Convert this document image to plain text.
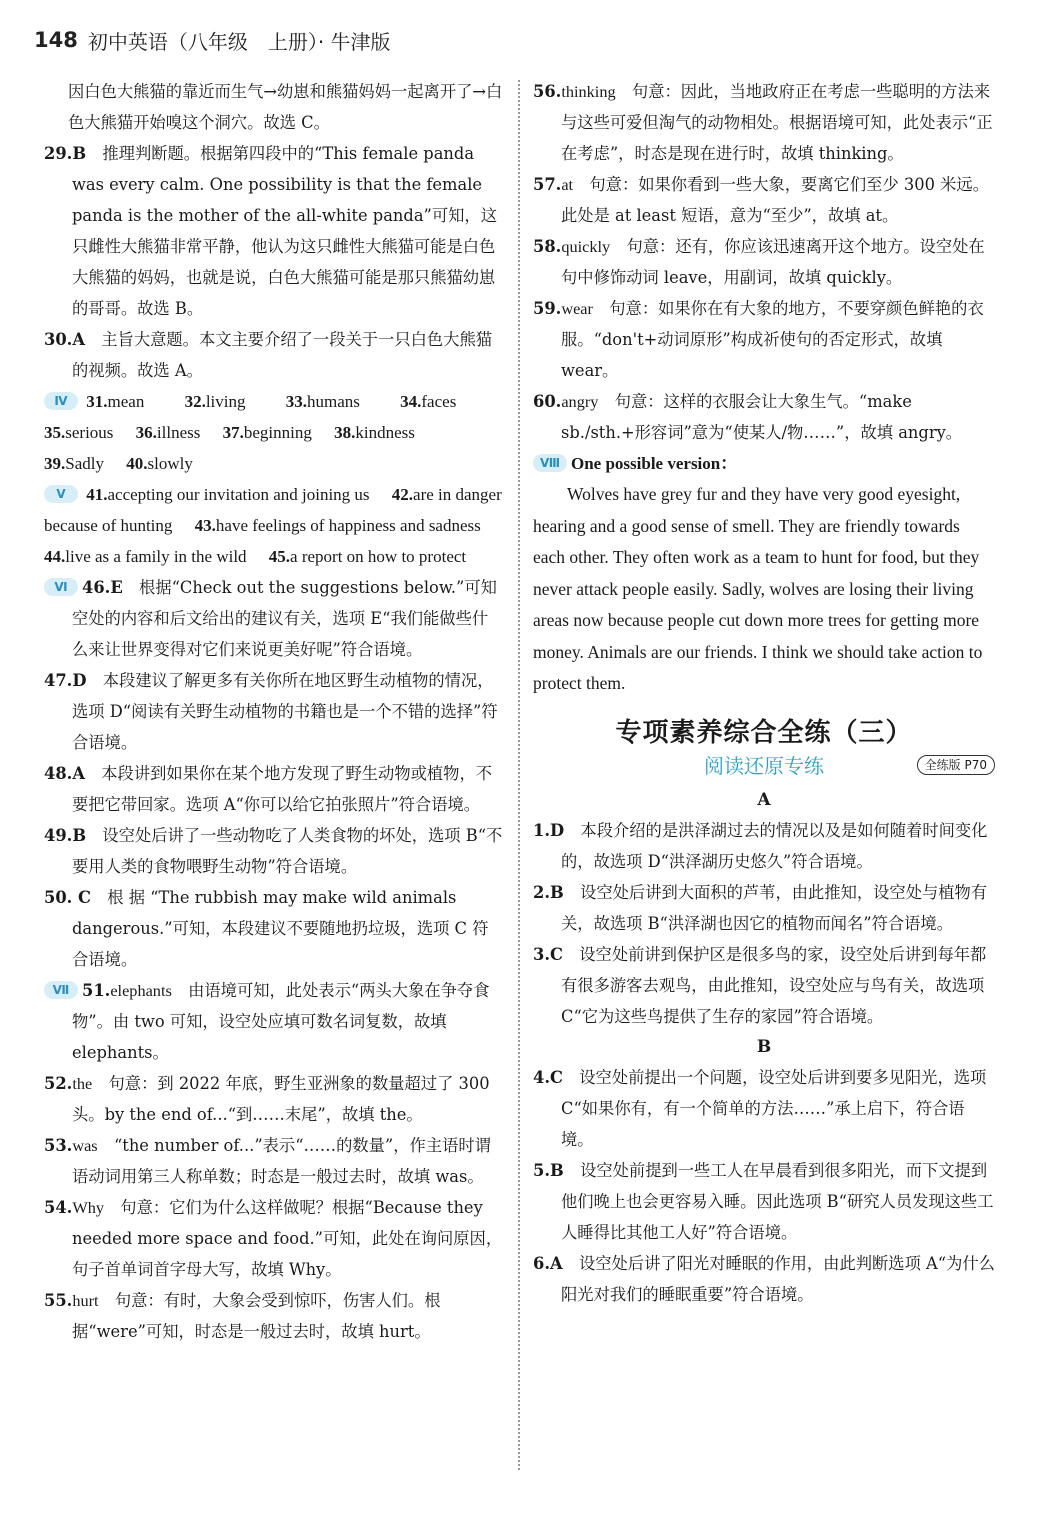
148 初中英语（八年级　上册）· 牛津版

因白色大熊猫的靠近而生气→幼崽和熊猫妈妈一起离开了→白色大熊猫开始嗅这个洞穴。故选 C。

29.B　 推理判断题。根据第四段中的“This female panda was every calm. One possibility is that the female panda is the mother of the all-white panda”可知，这只雌性大熊猫非常平静，他认为这只雌性大熊猫可能是白色大熊猫的妈妈，也就是说，白色大熊猫可能是那只熊猫幼崽的哥哥。故选 B。

30.A　 主旨大意题。本文主要介绍了一段关于一只白色大熊猫的视频。故选 A。

Ⅳ 31.mean 32.living 33.humans 34.faces
35.serious 36.illness 37.beginning 38.kindness
39.Sadly 40.slowly
Ⅴ 41.accepting our invitation and joining us 42.are in danger because of hunting 43.have feelings of happiness and sadness 44.live as a family in the wild 45.a report on how to protect

Ⅵ 46.E　 根据“Check out the suggestions below.”可知空处的内容和后文给出的建议有关，选项 E“我们能做些什么来让世界变得对它们来说更美好呢”符合语境。

47.D　 本段建议了解更多有关你所在地区野生动植物的情况，选项 D“阅读有关野生动植物的书籍也是一个不错的选择”符合语境。

48.A　 本段讲到如果你在某个地方发现了野生动物或植物，不要把它带回家。选项 A“你可以给它拍张照片”符合语境。

49.B　 设空处后讲了一些动物吃了人类食物的坏处，选项 B“不要用人类的食物喂野生动物”符合语境。

50. C　 根 据 “The rubbish may make wild animals dangerous.”可知，本段建议不要随地扔垃圾，选项 C 符合语境。

Ⅶ 51.elephants　 由语境可知，此处表示“两头大象在争夺食物”。由 two 可知，设空处应填可数名词复数，故填 elephants。

52.the　 句意：到 2022 年底，野生亚洲象的数量超过了 300 头。by the end of...“到……末尾”，故填 the。

53.was　 “the number of...”表示“……的数量”，作主语时谓语动词用第三人称单数；时态是一般过去时，故填 was。

54.Why　 句意：它们为什么这样做呢？根据“Because they needed more space and food.”可知，此处在询问原因，句子首单词首字母大写，故填 Why。

55.hurt　 句意：有时，大象会受到惊吓，伤害人们。根据“were”可知，时态是一般过去时，故填 hurt。

56.thinking　 句意：因此，当地政府正在考虑一些聪明的方法来与这些可爱但淘气的动物相处。根据语境可知，此处表示“正在考虑”，时态是现在进行时，故填 thinking。

57.at　 句意：如果你看到一些大象，要离它们至少 300 米远。此处是 at least 短语，意为“至少”，故填 at。

58.quickly　 句意：还有，你应该迅速离开这个地方。设空处在句中修饰动词 leave，用副词，故填 quickly。

59.wear　 句意：如果你在有大象的地方，不要穿颜色鲜艳的衣服。“don't+动词原形”构成祈使句的否定形式，故填 wear。

60.angry　 句意：这样的衣服会让大象生气。“make sb./sth.+形容词”意为“使某人/物……”，故填 angry。

Ⅷ One possible version：

Wolves have grey fur and they have very good eyesight, hearing and a good sense of smell. They are friendly towards each other. They often work as a team to hunt for food, but they never attack people easily. Sadly, wolves are losing their living areas now because people cut down more trees for getting more money. Animals are our friends. I think we should take action to protect them.

专项素养综合全练（三）
阅读还原专练	全练版 P70
A

1.D　 本段介绍的是洪泽湖过去的情况以及是如何随着时间变化的，故选项 D“洪泽湖历史悠久”符合语境。

2.B　 设空处后讲到大面积的芦苇，由此推知，设空处与植物有关，故选项 B“洪泽湖也因它的植物而闻名”符合语境。

3.C　 设空处前讲到保护区是很多鸟的家，设空处后讲到每年都有很多游客去观鸟，由此推知，设空处应与鸟有关，故选项 C“它为这些鸟提供了生存的家园”符合语境。

B

4.C　 设空处前提出一个问题，设空处后讲到要多见阳光，选项 C“如果你有，有一个简单的方法……”承上启下，符合语境。

5.B　 设空处前提到一些工人在早晨看到很多阳光，而下文提到他们晚上也会更容易入睡。因此选项 B“研究人员发现这些工人睡得比其他工人好”符合语境。

6.A　 设空处后讲了阳光对睡眠的作用，由此判断选项 A“为什么阳光对我们的睡眠重要”符合语境。
